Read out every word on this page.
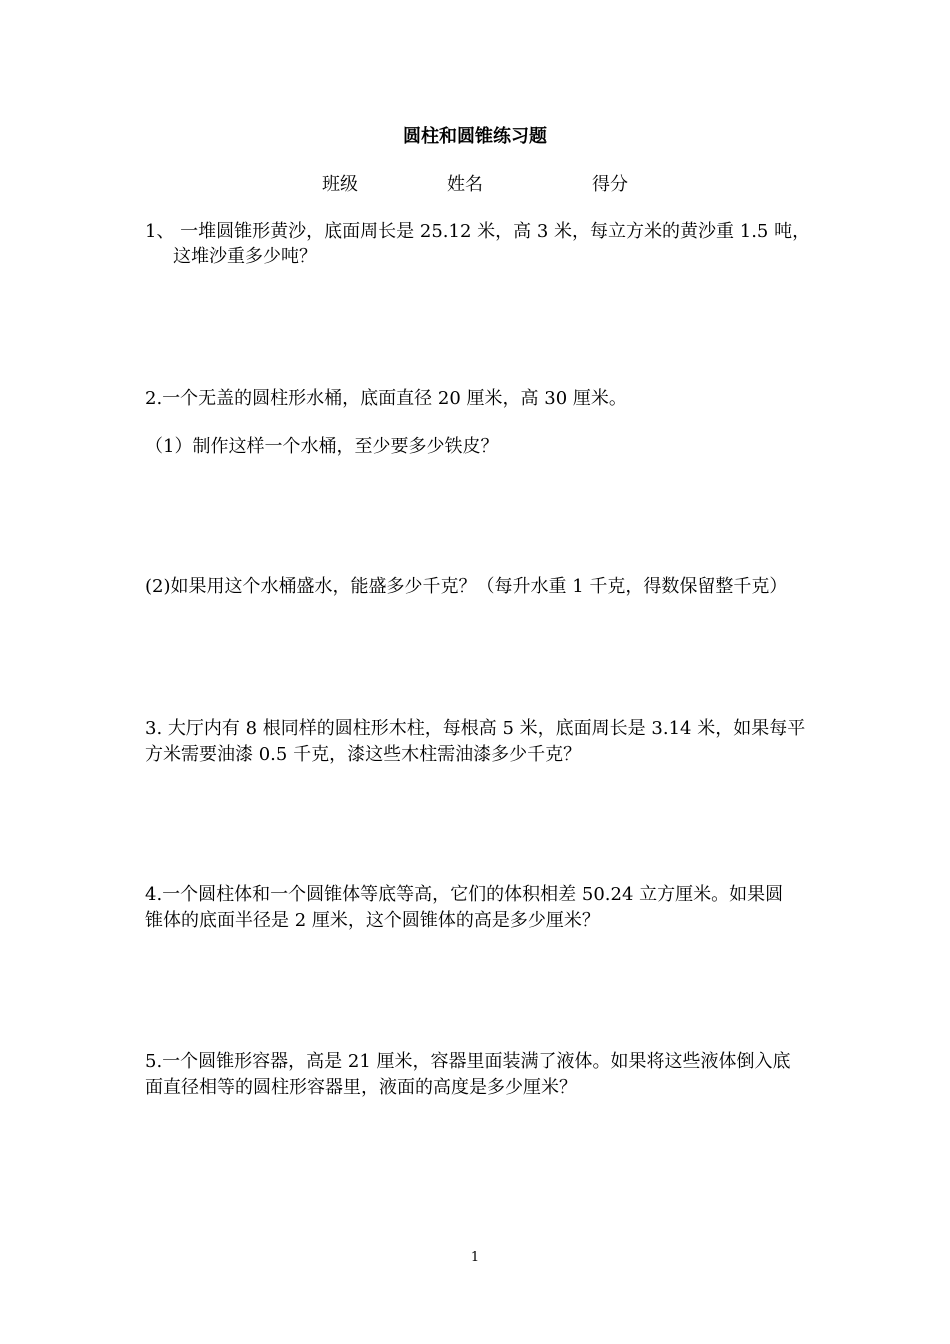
圆柱和圆锥练习题
班级	姓名	得分

1、 一堆圆锥形黄沙，底面周长是 25.12 米，高 3 米，每立方米的黄沙重 1.5 吨，

这堆沙重多少吨？

2.一个无盖的圆柱形水桶，底面直径 20 厘米，高 30 厘米。

（1）制作这样一个水桶，至少要多少铁皮？

(2)如果用这个水桶盛水，能盛多少千克？（每升水重 1 千克，得数保留整千克）

3. 大厅内有 8 根同样的圆柱形木柱，每根高 5 米，底面周长是 3.14 米，如果每平

方米需要油漆 0.5 千克，漆这些木柱需油漆多少千克？

4.一个圆柱体和一个圆锥体等底等高，它们的体积相差 50.24 立方厘米。如果圆

锥体的底面半径是 2 厘米，这个圆锥体的高是多少厘米？

5.一个圆锥形容器，高是 21 厘米，容器里面装满了液体。如果将这些液体倒入底

面直径相等的圆柱形容器里，液面的高度是多少厘米？

1
